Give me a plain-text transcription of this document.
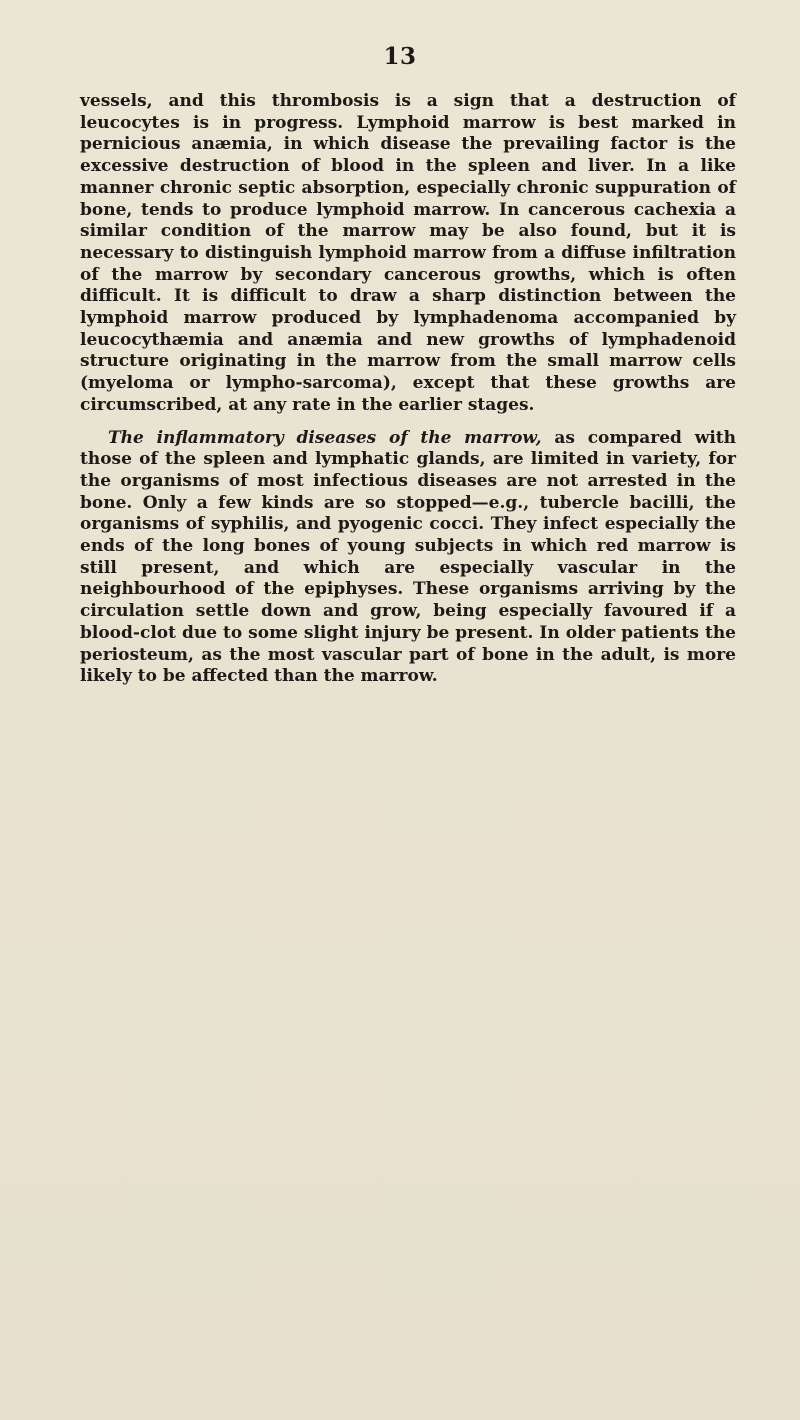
13

vessels, and this thrombosis is a sign that a destruction of leucocytes is in progress. Lymphoid marrow is best marked in pernicious anæmia, in which disease the prevailing factor is the excessive destruction of blood in the spleen and liver. In a like manner chronic septic absorption, especially chronic suppuration of bone, tends to produce lymphoid marrow. In cancerous cachexia a similar condition of the marrow may be also found, but it is necessary to distinguish lymphoid marrow from a diffuse infiltration of the marrow by secondary cancerous growths, which is often difficult. It is difficult to draw a sharp distinction between the lymphoid marrow produced by lymphadenoma accompanied by leucocythæmia and anæmia and new growths of lymphadenoid structure originating in the marrow from the small marrow cells (myeloma or lympho-sarcoma), except that these growths are circumscribed, at any rate in the earlier stages.

The inflammatory diseases of the marrow, as compared with those of the spleen and lymphatic glands, are limited in variety, for the organisms of most infectious diseases are not arrested in the bone. Only a few kinds are so stopped—e.g., tubercle bacilli, the organisms of syphilis, and pyogenic cocci. They infect especially the ends of the long bones of young subjects in which red marrow is still present, and which are especially vascular in the neighbourhood of the epiphyses. These organisms arriving by the circulation settle down and grow, being especially favoured if a blood-clot due to some slight injury be present. In older patients the periosteum, as the most vascular part of bone in the adult, is more likely to be affected than the marrow.
